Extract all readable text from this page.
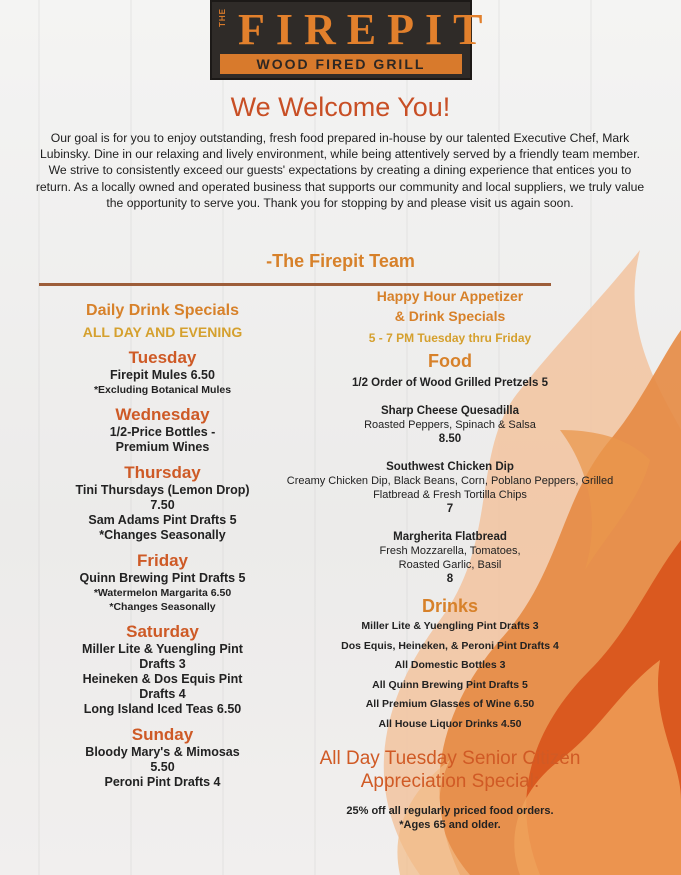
THE FIREPIT
WOOD FIRED GRILL
We Welcome You!
Our goal is for you to enjoy outstanding, fresh food prepared in-house by our talented Executive Chef, Mark Lubinsky. Dine in our relaxing and lively environment, while being attentively served by a friendly team member. We strive to consistently exceed our guests' expectations by creating a dining experience that entices you to return. As a locally owned and operated business that supports our community and local suppliers, we truly value the opportunity to serve you. Thank you for stopping by and please visit us again soon.
-The Firepit Team
Daily Drink Specials
ALL DAY AND EVENING
Tuesday
Firepit Mules 6.50
*Excluding Botanical Mules
Wednesday
1/2-Price Bottles -
Premium Wines
Thursday
Tini Thursdays (Lemon Drop)
7.50
Sam Adams Pint Drafts 5
*Changes Seasonally
Friday
Quinn Brewing Pint Drafts 5
*Watermelon Margarita 6.50
*Changes Seasonally
Saturday
Miller Lite & Yuengling Pint
Drafts 3
Heineken & Dos Equis Pint
Drafts 4
Long Island Iced Teas 6.50
Sunday
Bloody Mary's & Mimosas
5.50
Peroni Pint Drafts 4
Happy Hour Appetizer
& Drink Specials
5 - 7 PM Tuesday thru Friday
Food
1/2 Order of Wood Grilled Pretzels 5
Sharp Cheese Quesadilla
Roasted Peppers, Spinach & Salsa
8.50
Southwest Chicken Dip
Creamy Chicken Dip, Black Beans, Corn, Poblano Peppers, Grilled Flatbread & Fresh Tortilla Chips
7
Margherita Flatbread
Fresh Mozzarella, Tomatoes, Roasted Garlic, Basil
8
Drinks
Miller Lite & Yuengling Pint Drafts 3
Dos Equis, Heineken, & Peroni Pint Drafts 4
All Domestic Bottles 3
All Quinn Brewing Pint Drafts 5
All Premium Glasses of Wine 6.50
All House Liquor Drinks 4.50
All Day Tuesday Senior Citizen
Appreciation Special:
25% off all regularly priced food orders.
*Ages 65 and older.
